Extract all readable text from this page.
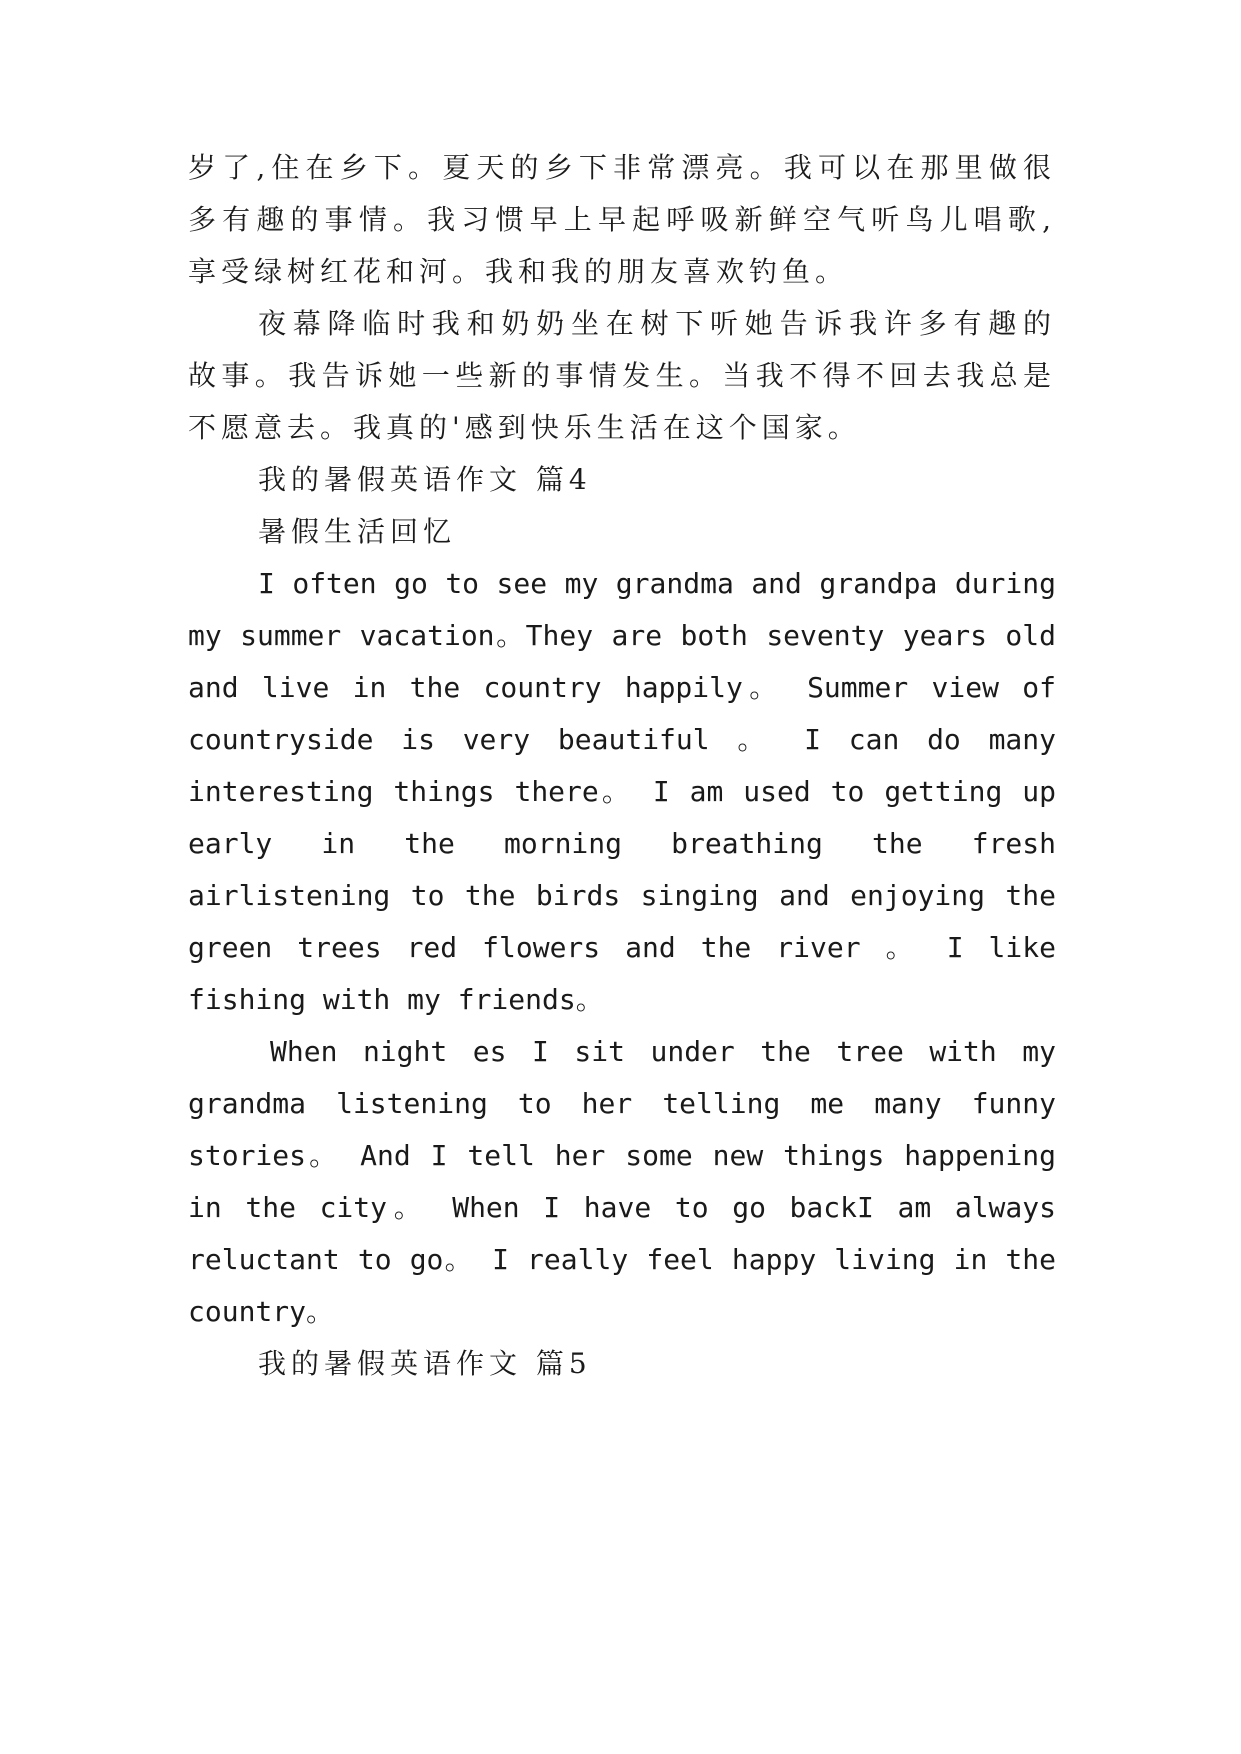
岁了,住在乡下。夏天的乡下非常漂亮。我可以在那里做很
多有趣的事情。我习惯早上早起呼吸新鲜空气听鸟儿唱歌,
享受绿树红花和河。我和我的朋友喜欢钓鱼。
夜幕降临时我和奶奶坐在树下听她告诉我许多有趣的
故事。我告诉她一些新的事情发生。当我不得不回去我总是
不愿意去。我真的'感到快乐生活在这个国家。
我的暑假英语作文 篇4
暑假生活回忆
I often go to see my grandma and grandpa during
my summer vacation。They are both seventy years old
and live in the country happily。 Summer view of
countryside is very beautiful 。 I can do many
interesting things there。 I am used to getting up
early in the morning breathing the fresh
airlistening to the birds singing and enjoying the
green trees red flowers and the river 。 I like
fishing with my friends。
When night es I sit under the tree with my
grandma listening to her telling me many funny
stories。 And I tell her some new things happening
in the city。 When I have to go backI am always
reluctant to go。 I really feel happy living in the
country。
我的暑假英语作文 篇5
